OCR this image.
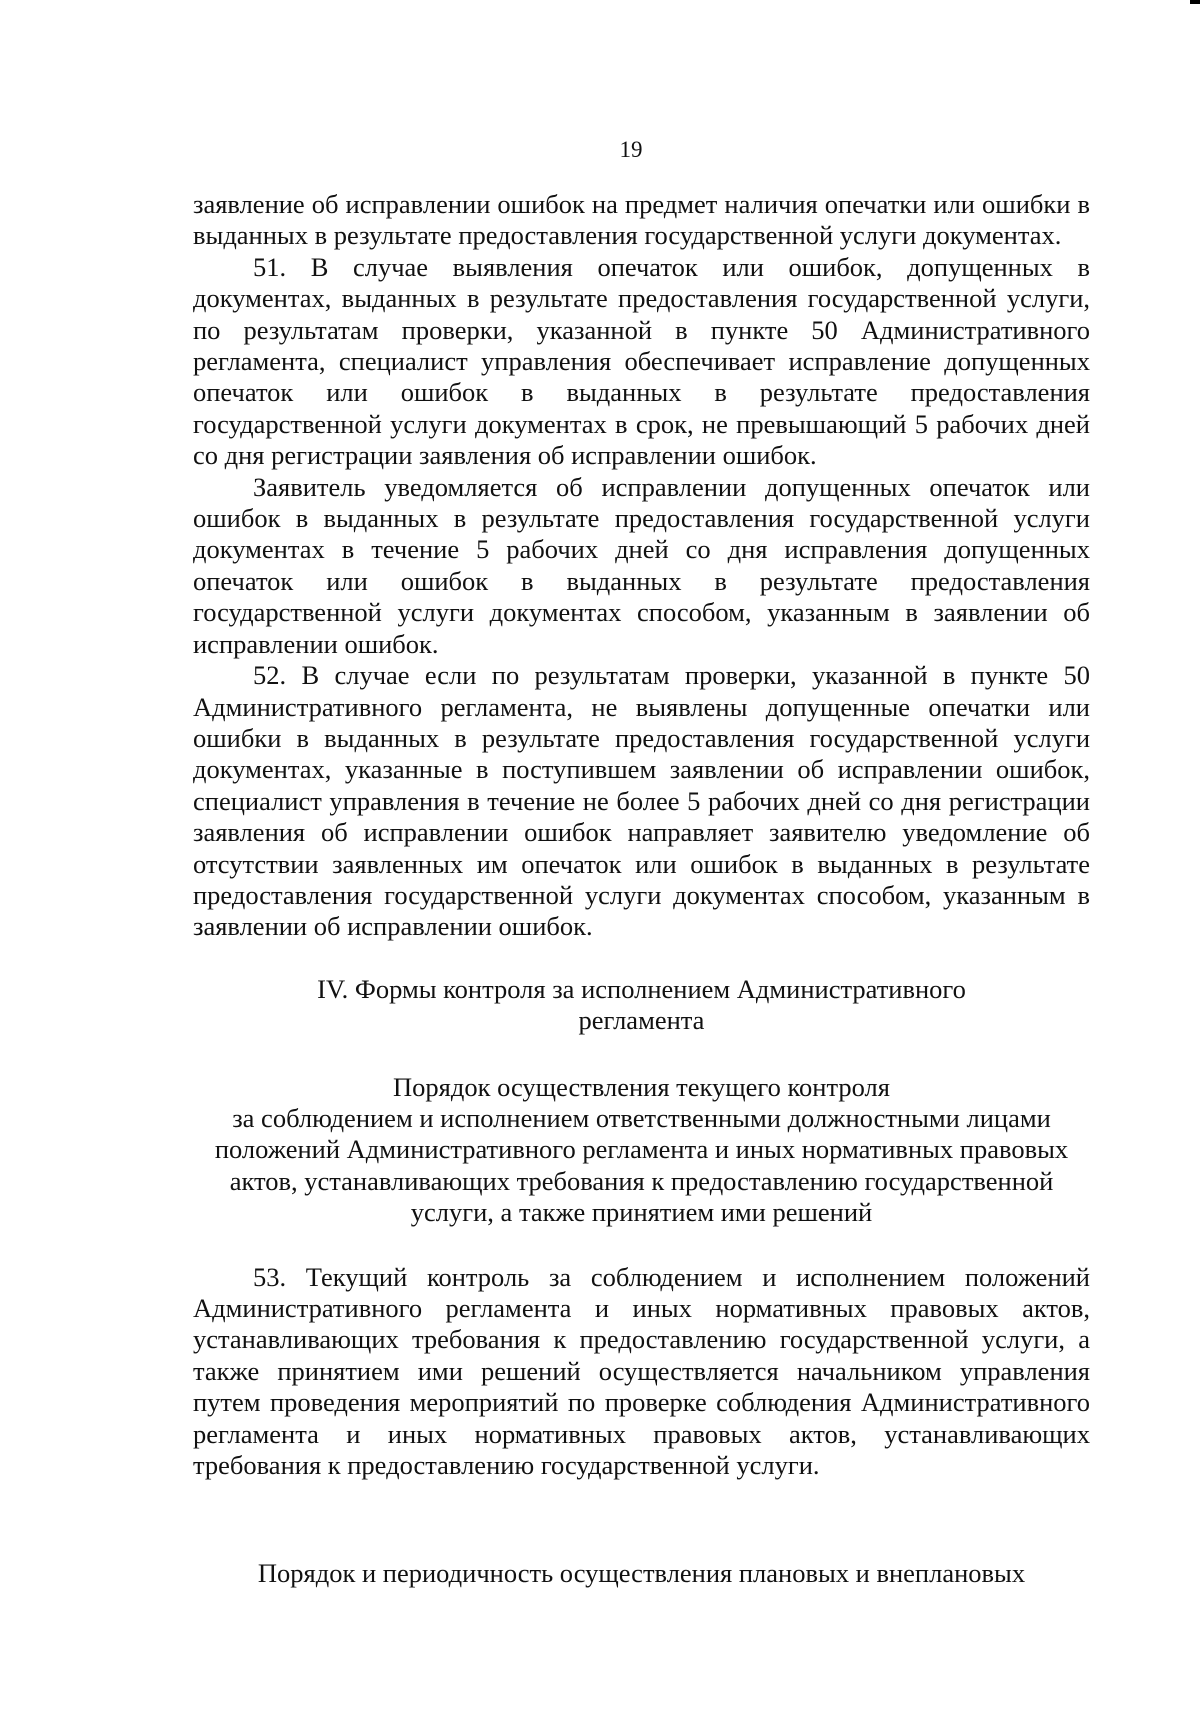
19

заявление об исправлении ошибок на предмет наличия опечатки или ошибки в выданных в результате предоставления государственной услуги документах.

51. В случае выявления опечаток или ошибок, допущенных в документах, выданных в результате предоставления государственной услуги, по результатам проверки, указанной в пункте 50 Административного регламента, специалист управления обеспечивает исправление допущенных опечаток или ошибок в выданных в результате предоставления государственной услуги документах в срок, не превышающий 5 рабочих дней со дня регистрации заявления об исправлении ошибок.

Заявитель уведомляется об исправлении допущенных опечаток или ошибок в выданных в результате предоставления государственной услуги документах в течение 5 рабочих дней со дня исправления допущенных опечаток или ошибок в выданных в результате предоставления государственной услуги документах способом, указанным в заявлении об исправлении ошибок.

52. В случае если по результатам проверки, указанной в пункте 50 Административного регламента, не выявлены допущенные опечатки или ошибки в выданных в результате предоставления государственной услуги документах, указанные в поступившем заявлении об исправлении ошибок, специалист управления в течение не более 5 рабочих дней со дня регистрации заявления об исправлении ошибок направляет заявителю уведомление об отсутствии заявленных им опечаток или ошибок в выданных в результате предоставления государственной услуги документах способом, указанным в заявлении об исправлении ошибок.

IV. Формы контроля за исполнением Административного

регламента

Порядок осуществления текущего контроля

за соблюдением и исполнением ответственными должностными лицами

положений Административного регламента и иных нормативных правовых

актов, устанавливающих требования к предоставлению государственной

услуги, а также принятием ими решений

53. Текущий контроль за соблюдением и исполнением положений Административного регламента и иных нормативных правовых актов, устанавливающих требования к предоставлению государственной услуги, а также принятием ими решений осуществляется начальником управления путем проведения мероприятий по проверке соблюдения Административного регламента и иных нормативных правовых актов, устанавливающих требования к предоставлению государственной услуги.

Порядок и периодичность осуществления плановых и внеплановых
